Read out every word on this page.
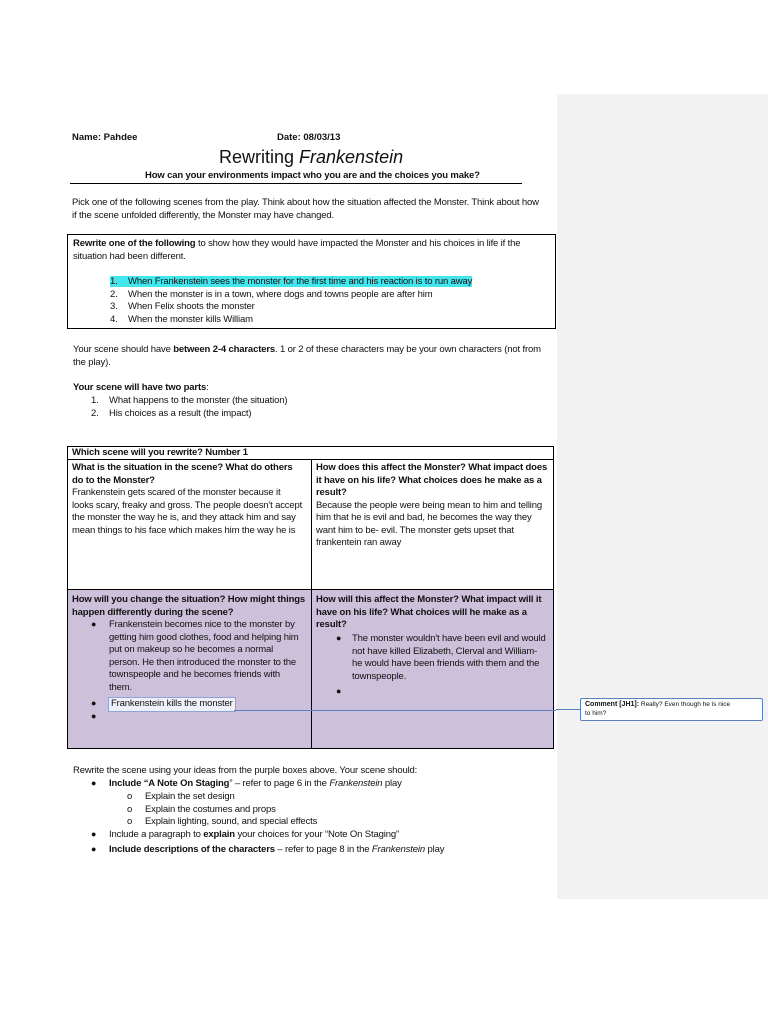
Name: Pahdee	Date: 08/03/13
Rewriting Frankenstein
How can your environments impact who you are and the choices you make?
Pick one of the following scenes from the play. Think about how the situation affected the Monster. Think about how
if the scene unfolded differently, the Monster may have changed.
Rewrite one of the following to show how they would have impacted the Monster and his choices in life if the
situation had been different.
1. When Frankenstein sees the monster for the first time and his reaction is to run away
2. When the monster is in a town, where dogs and towns people are after him
3. When Felix shoots the monster
4. When the monster kills William
Your scene should have between 2-4 characters. 1 or 2 of these characters may be your own characters (not from
the play).
Your scene will have two parts:
1. What happens to the monster (the situation)
2. His choices as a result (the impact)
Which scene will you rewrite? Number 1
What is the situation in the scene? What do others
do to the Monster?
Frankenstein gets scared of the monster because it
looks scary, freaky and gross. The people doesn't accept
the monster the way he is, and they attack him and say
mean things to his face which makes him the way he is
How does this affect the Monster? What impact does
it have on his life? What choices does he make as a
result?
Because the people were being mean to him and telling
him that he is evil and bad, he becomes the way they
want him to be- evil. The monster gets upset that
frankentein ran away
How will you change the situation? How might things
happen differently during the scene?
● Frankenstein becomes nice to the monster by
getting him good clothes, food and helping him
put on makeup so he becomes a normal
person. He then introduced the monster to the
townspeople and he becomes friends with
them.
●	Frankenstein kills the monster
●
How will this affect the Monster? What impact will it
have on his life? What choices will he make as a
result?
● The monster wouldn't have been evil and would
not have killed Elizabeth, Clerval and William-
he would have been friends with them and the
townspeople.
●
Comment [JH1]: Really? Even though he is nice
to him?
Rewrite the scene using your ideas from the purple boxes above. Your scene should:
● Include “A Note On Staging” – refer to page 6 in the Frankenstein play
o Explain the set design
o Explain the costumes and props
o Explain lighting, sound, and special effects
● Include a paragraph to explain your choices for your “Note On Staging”
● Include descriptions of the characters – refer to page 8 in the Frankenstein play
